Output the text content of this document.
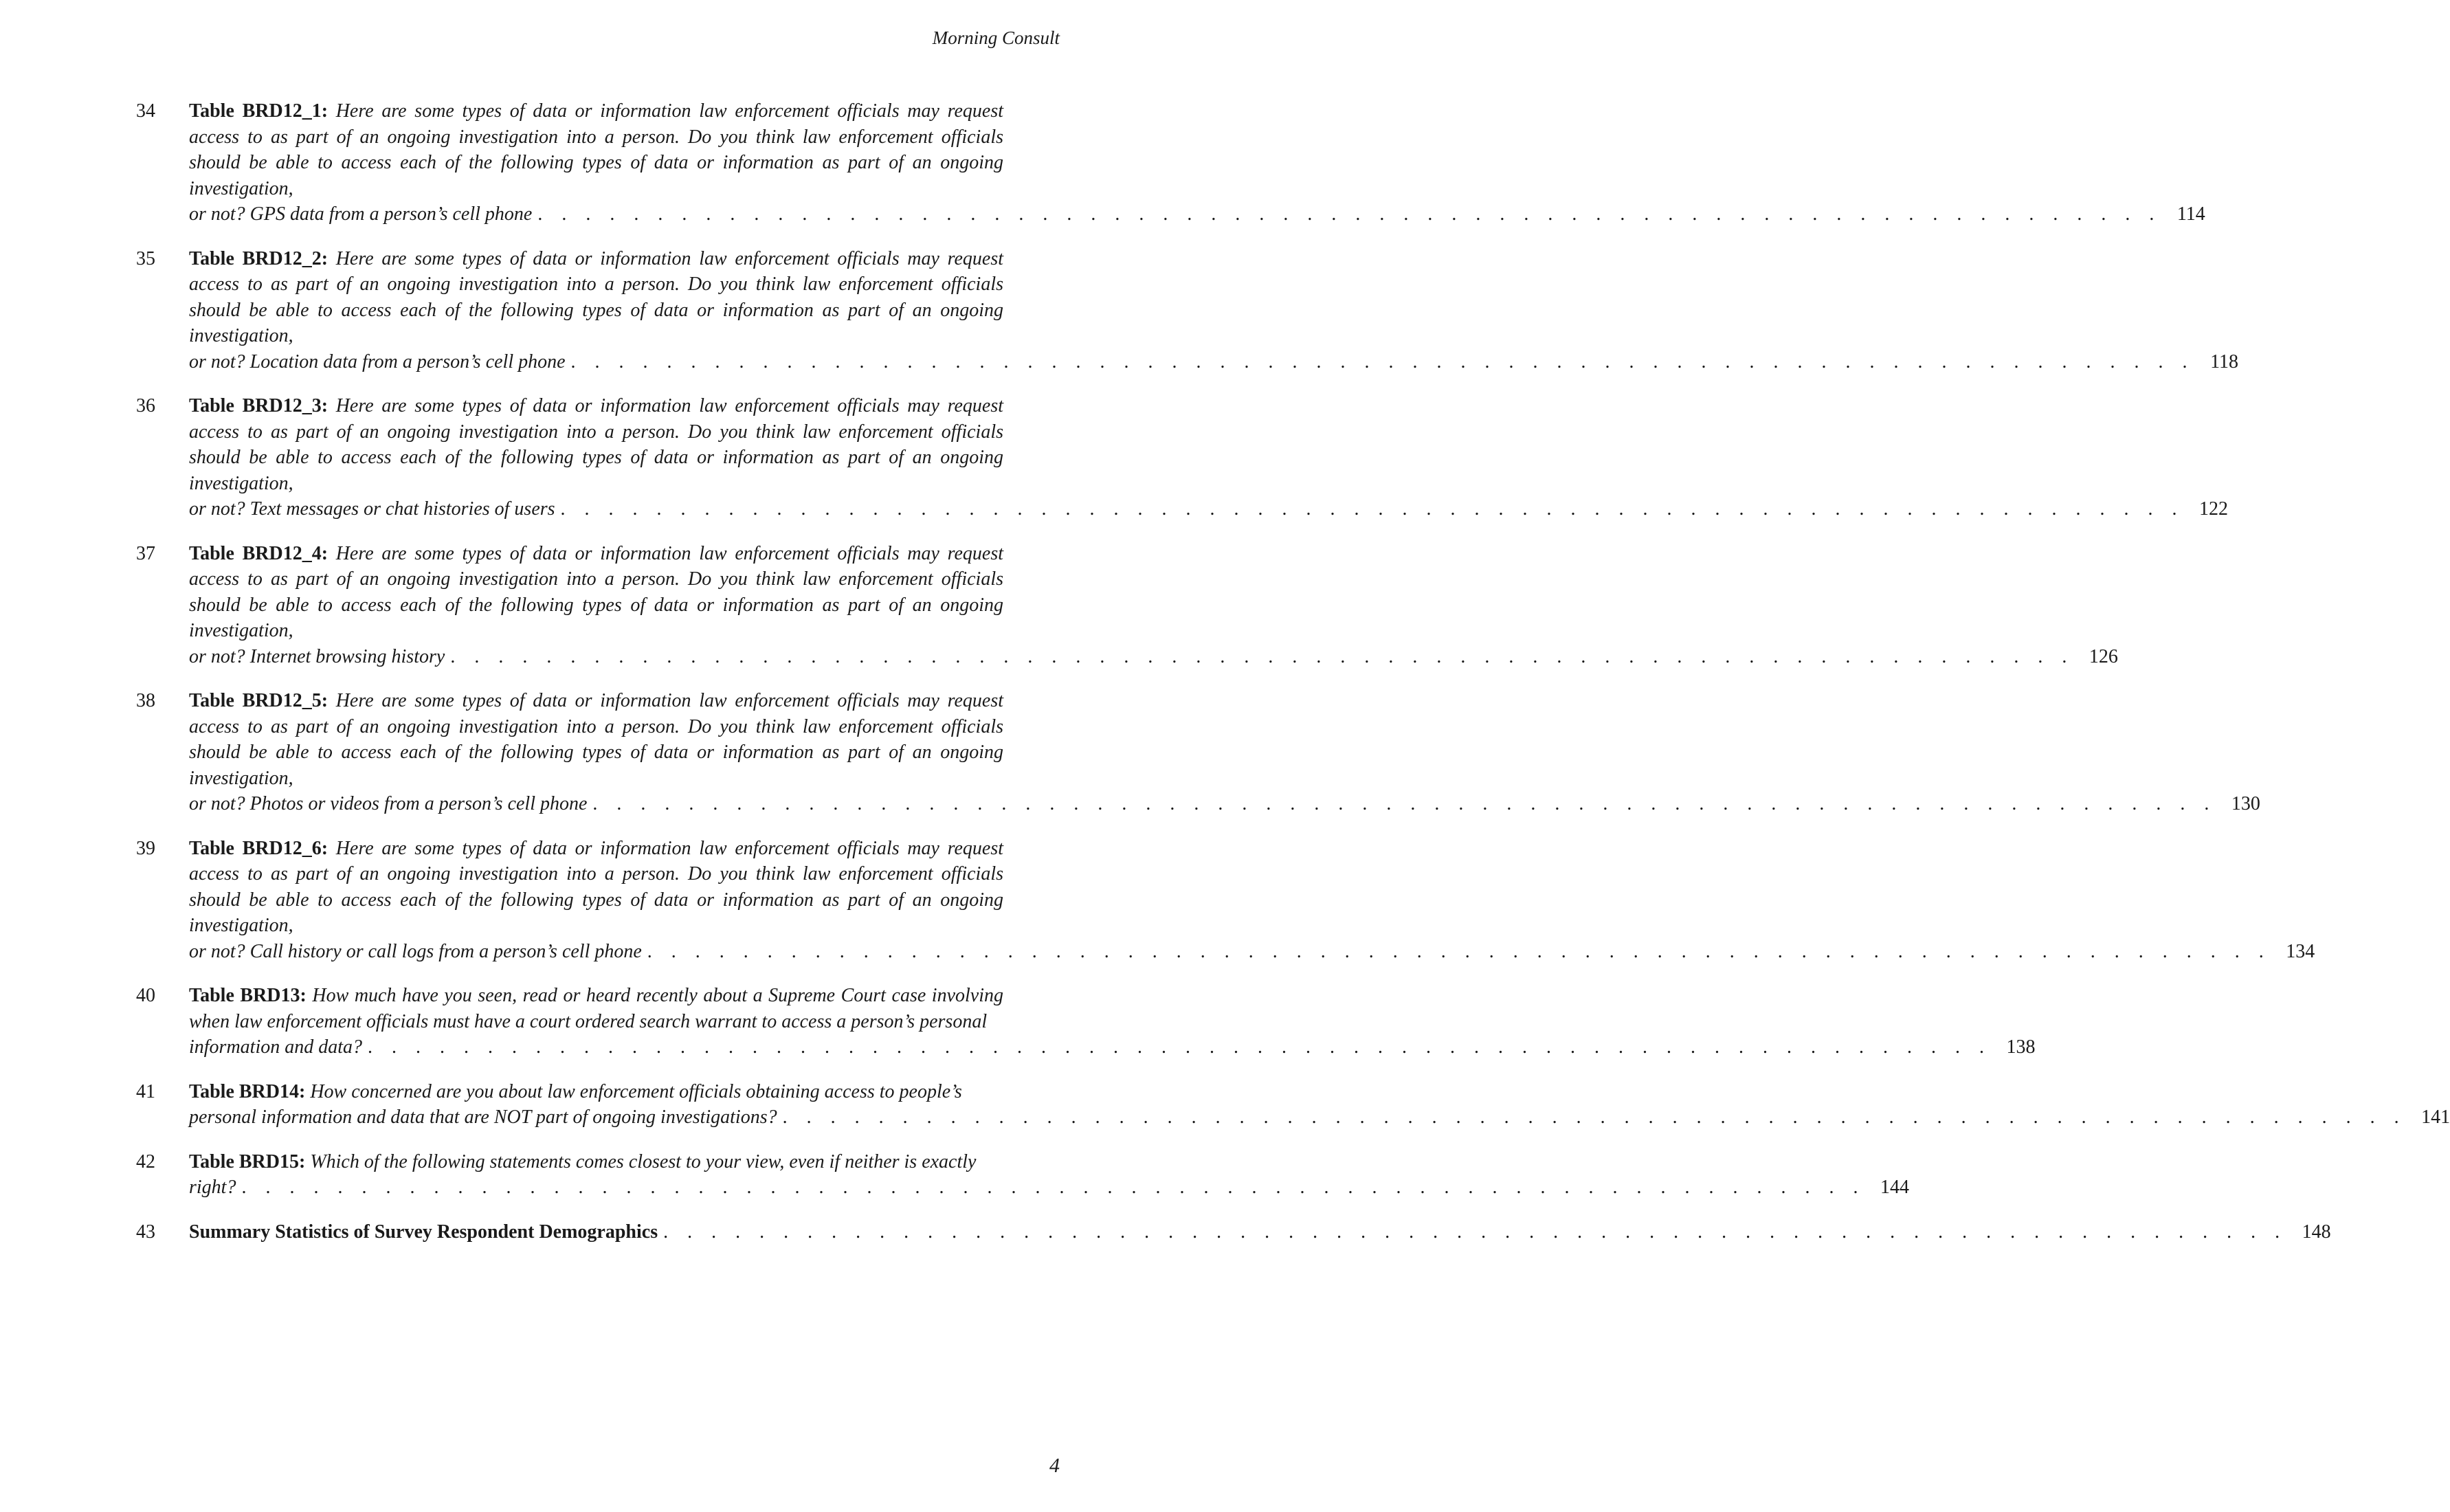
Morning Consult
34 Table BRD12_1: Here are some types of data or information law enforcement officials may request access to as part of an ongoing investigation into a person. Do you think law enforcement officials should be able to access each of the following types of data or information as part of an ongoing investigation,
or not? GPS data from a person’s cell phone . . . . . . . . . . . . . . . . . . . . . . . . . . . . . . . . . . . . . . . . . . . . . . . . . . . . . . . . . . . . . . . . . . . . 114
35 Table BRD12_2: Here are some types of data or information law enforcement officials may request access to as part of an ongoing investigation into a person. Do you think law enforcement officials should be able to access each of the following types of data or information as part of an ongoing investigation,
or not? Location data from a person’s cell phone . . . . . . . . . . . . . . . . . . . . . . . . . . . . . . . . . . . . . . . . . . . . . . . . . . . . . . . . . . . . . . . . . . . . 118
36 Table BRD12_3: Here are some types of data or information law enforcement officials may request access to as part of an ongoing investigation into a person. Do you think law enforcement officials should be able to access each of the following types of data or information as part of an ongoing investigation,
or not? Text messages or chat histories of users . . . . . . . . . . . . . . . . . . . . . . . . . . . . . . . . . . . . . . . . . . . . . . . . . . . . . . . . . . . . . . . . . . . . 122
37 Table BRD12_4: Here are some types of data or information law enforcement officials may request access to as part of an ongoing investigation into a person. Do you think law enforcement officials should be able to access each of the following types of data or information as part of an ongoing investigation,
or not? Internet browsing history . . . . . . . . . . . . . . . . . . . . . . . . . . . . . . . . . . . . . . . . . . . . . . . . . . . . . . . . . . . . . . . . . . . . 126
38 Table BRD12_5: Here are some types of data or information law enforcement officials may request access to as part of an ongoing investigation into a person. Do you think law enforcement officials should be able to access each of the following types of data or information as part of an ongoing investigation,
or not? Photos or videos from a person’s cell phone . . . . . . . . . . . . . . . . . . . . . . . . . . . . . . . . . . . . . . . . . . . . . . . . . . . . . . . . . . . . . . . . . . . . 130
39 Table BRD12_6: Here are some types of data or information law enforcement officials may request access to as part of an ongoing investigation into a person. Do you think law enforcement officials should be able to access each of the following types of data or information as part of an ongoing investigation,
or not? Call history or call logs from a person’s cell phone . . . . . . . . . . . . . . . . . . . . . . . . . . . . . . . . . . . . . . . . . . . . . . . . . . . . . . . . . . . . . . . . . . . . 134
40 Table BRD13: How much have you seen, read or heard recently about a Supreme Court case involving when law enforcement officials must have a court ordered search warrant to access a person’s personal
information and data? . . . . . . . . . . . . . . . . . . . . . . . . . . . . . . . . . . . . . . . . . . . . . . . . . . . . . . . . . . . . . . . . . . . . 138
41 Table BRD14: How concerned are you about law enforcement officials obtaining access to people’s
personal information and data that are NOT part of ongoing investigations? . . . . . . . . . . . . . . . . . . . . . . . . . . . . . . . . . . . . . . . . . . . . . . . . . . . . . . . . . . . . . . . . . . . . 141
42 Table BRD15: Which of the following statements comes closest to your view, even if neither is exactly
right? . . . . . . . . . . . . . . . . . . . . . . . . . . . . . . . . . . . . . . . . . . . . . . . . . . . . . . . . . . . . . . . . . . . . 144
43 Summary Statistics of Survey Respondent Demographics . . . . . . . . . . . . . . . . . . . . . . . . . . . . . . . . . . . . . . . . . . . . . . . . . . . . . . . . . . . . . . . . . . . . 148
4
